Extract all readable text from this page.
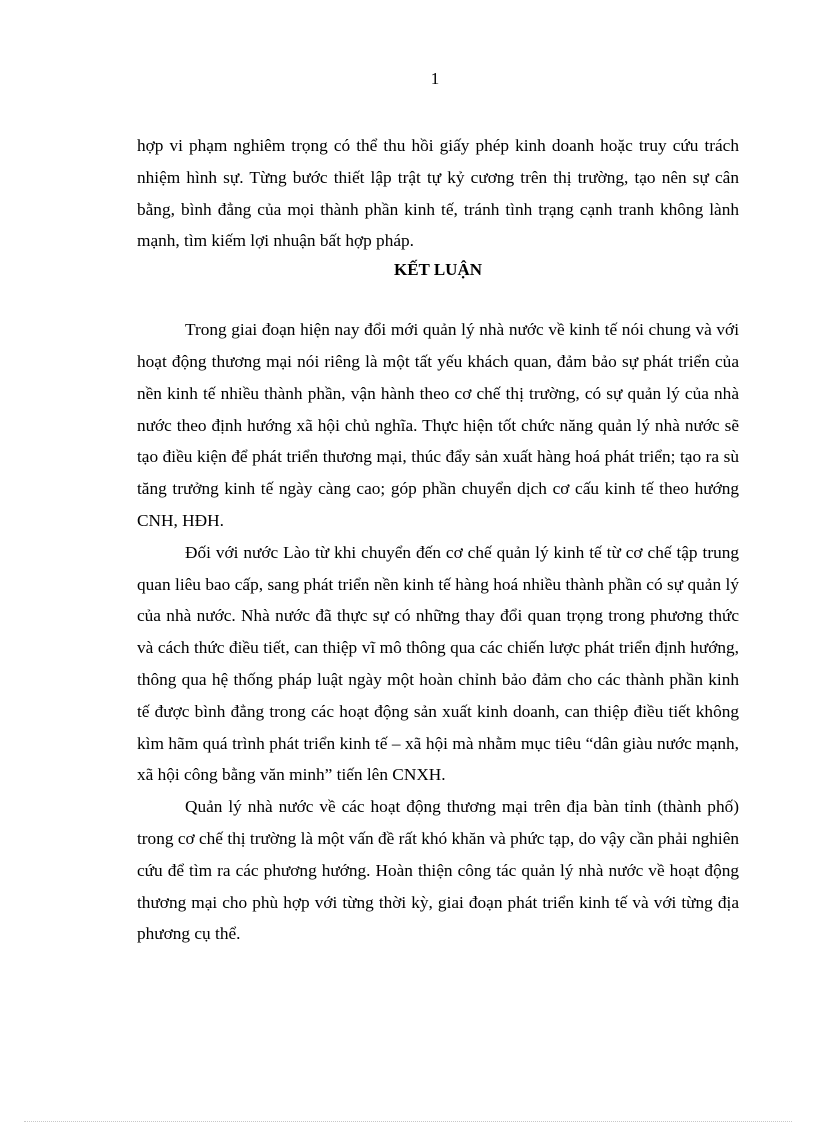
1

hợp vi phạm nghiêm trọng có thể thu hồi giấy phép kinh doanh hoặc truy cứu trách nhiệm hình sự. Từng bước thiết lập trật tự kỷ cương trên thị trường, tạo nên sự cân bằng, bình đẳng của mọi thành phần kinh tế, tránh tình trạng cạnh tranh không lành mạnh, tìm kiếm lợi nhuận bất hợp pháp.

KẾT LUẬN

Trong giai đoạn hiện nay đổi mới quản lý nhà nước về kinh tế nói chung và với hoạt động thương mại nói riêng là một tất yếu khách quan, đảm bảo sự phát triển của nền kinh tế nhiều thành phần, vận hành theo cơ chế thị trường, có sự quản lý của nhà nước theo định hướng xã hội chủ nghĩa. Thực hiện tốt chức năng quản lý nhà nước sẽ tạo điều kiện để phát triển thương mại, thúc đẩy sản xuất hàng hoá phát triển; tạo ra sù tăng trưởng kinh tế ngày càng cao; góp phần chuyển dịch cơ cấu kinh tế theo hướng CNH, HĐH.

Đối với nước Lào từ khi chuyển đến cơ chế quản lý kinh tế từ cơ chế tập trung quan liêu bao cấp, sang phát triển nền kinh tế hàng hoá nhiều thành phần có sự quản lý của nhà nước. Nhà nước đã thực sự có những thay đổi quan trọng trong phương thức và cách thức điều tiết, can thiệp vĩ mô thông qua các chiến lược phát triển định hướng, thông qua hệ thống pháp luật ngày một hoàn chỉnh bảo đảm cho các thành phần kinh tế được bình đẳng trong các hoạt động sản xuất kinh doanh, can thiệp điều tiết không kìm hãm quá trình phát triển kinh tế – xã hội mà nhằm mục tiêu “dân giàu nước mạnh, xã hội công bằng văn minh” tiến lên CNXH.

Quản lý nhà nước về các hoạt động thương mại trên địa bàn tỉnh (thành phố) trong cơ chế thị trường là một vấn đề rất khó khăn và phức tạp, do vậy cần phải nghiên cứu để tìm ra các phương hướng. Hoàn thiện công tác quản lý nhà nước về hoạt động thương mại cho phù hợp với từng thời kỳ, giai đoạn phát triển kinh tế và với từng địa phương cụ thể.
